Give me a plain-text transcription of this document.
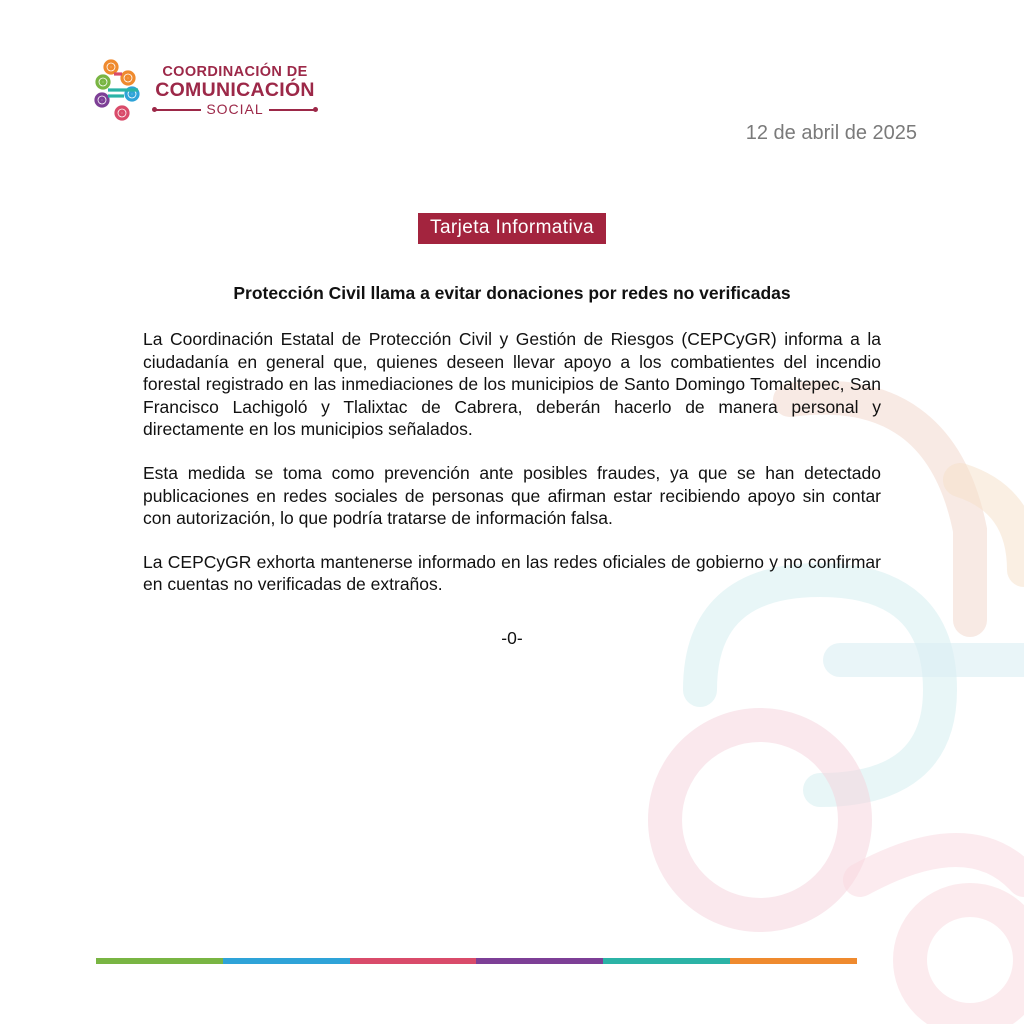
COORDINACIÓN DE
COMUNICACIÓN
SOCIAL
12 de abril de 2025
Tarjeta Informativa
Protección Civil llama a evitar donaciones por redes no verificadas

La Coordinación Estatal de Protección Civil y Gestión de Riesgos (CEPCyGR) informa a la ciudadanía en general que, quienes deseen llevar apoyo a los combatientes del incendio forestal registrado en las inmediaciones de los municipios de Santo Domingo Tomaltepec, San Francisco Lachigoló y Tlalixtac de Cabrera, deberán hacerlo de manera personal y directamente en los municipios señalados.

Esta medida se toma como prevención ante posibles fraudes, ya que se han detectado publicaciones en redes sociales de personas que afirman estar recibiendo apoyo sin contar con autorización, lo que podría tratarse de información falsa.

La CEPCyGR exhorta mantenerse informado en las redes oficiales de gobierno y no confirmar en cuentas no verificadas de extraños.

-0-
